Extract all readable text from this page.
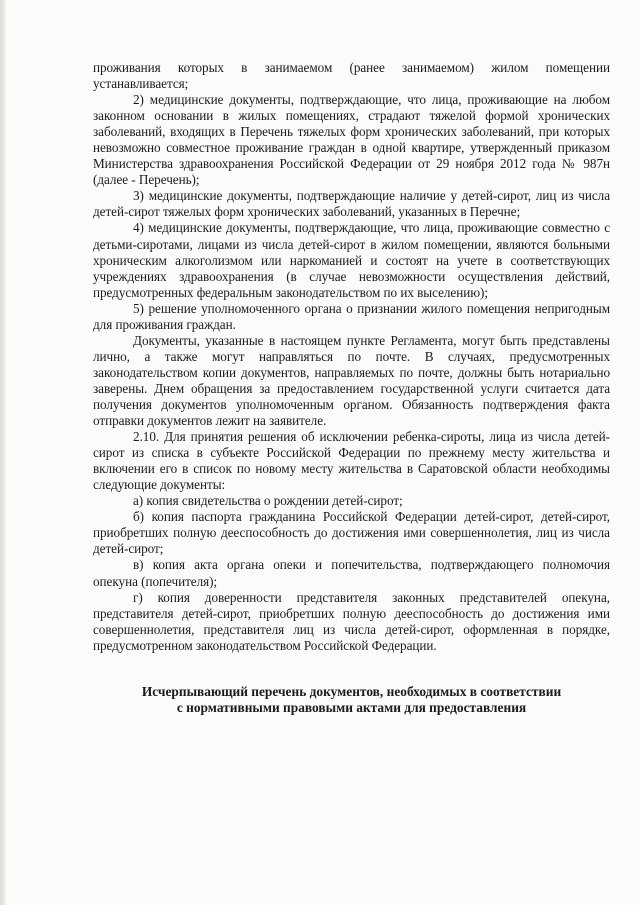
проживания которых в занимаемом (ранее занимаемом) жилом помещении устанавливается;

2) медицинские документы, подтверждающие, что лица, проживающие на любом законном основании в жилых помещениях, страдают тяжелой формой хронических заболеваний, входящих в Перечень тяжелых форм хронических заболеваний, при которых невозможно совместное проживание граждан в одной квартире, утвержденный приказом Министерства здравоохранения Российской Федерации от 29 ноября 2012 года № 987н (далее - Перечень);

3) медицинские документы, подтверждающие наличие у детей-сирот, лиц из числа детей-сирот тяжелых форм хронических заболеваний, указанных в Перечне;

4) медицинские документы, подтверждающие, что лица, проживающие совместно с детьми-сиротами, лицами из числа детей-сирот в жилом помещении, являются больными хроническим алкоголизмом или наркоманией и состоят на учете в соответствующих учреждениях здравоохранения (в случае невозможности осуществления действий, предусмотренных федеральным законодательством по их выселению);

5) решение уполномоченного органа о признании жилого помещения непригодным для проживания граждан.

Документы, указанные в настоящем пункте Регламента, могут быть представлены лично, а также могут направляться по почте. В случаях, предусмотренных законодательством копии документов, направляемых по почте, должны быть нотариально заверены. Днем обращения за предоставлением государственной услуги считается дата получения документов уполномоченным органом. Обязанность подтверждения факта отправки документов лежит на заявителе.

2.10. Для принятия решения об исключении ребенка-сироты, лица из числа детей-сирот из списка в субъекте Российской Федерации по прежнему месту жительства и включении его в список по новому месту жительства в Саратовской области необходимы следующие документы:

а) копия свидетельства о рождении детей-сирот;

б) копия паспорта гражданина Российской Федерации детей-сирот, детей-сирот, приобретших полную дееспособность до достижения ими совершеннолетия, лиц из числа детей-сирот;

в) копия акта органа опеки и попечительства, подтверждающего полномочия опекуна (попечителя);

г) копия доверенности представителя законных представителей опекуна, представителя детей-сирот, приобретших полную дееспособность до достижения ими совершеннолетия, представителя лиц из числа детей-сирот, оформленная в порядке, предусмотренном законодательством Российской Федерации.

Исчерпывающий перечень документов, необходимых в соответствии
с нормативными правовыми актами для предоставления
